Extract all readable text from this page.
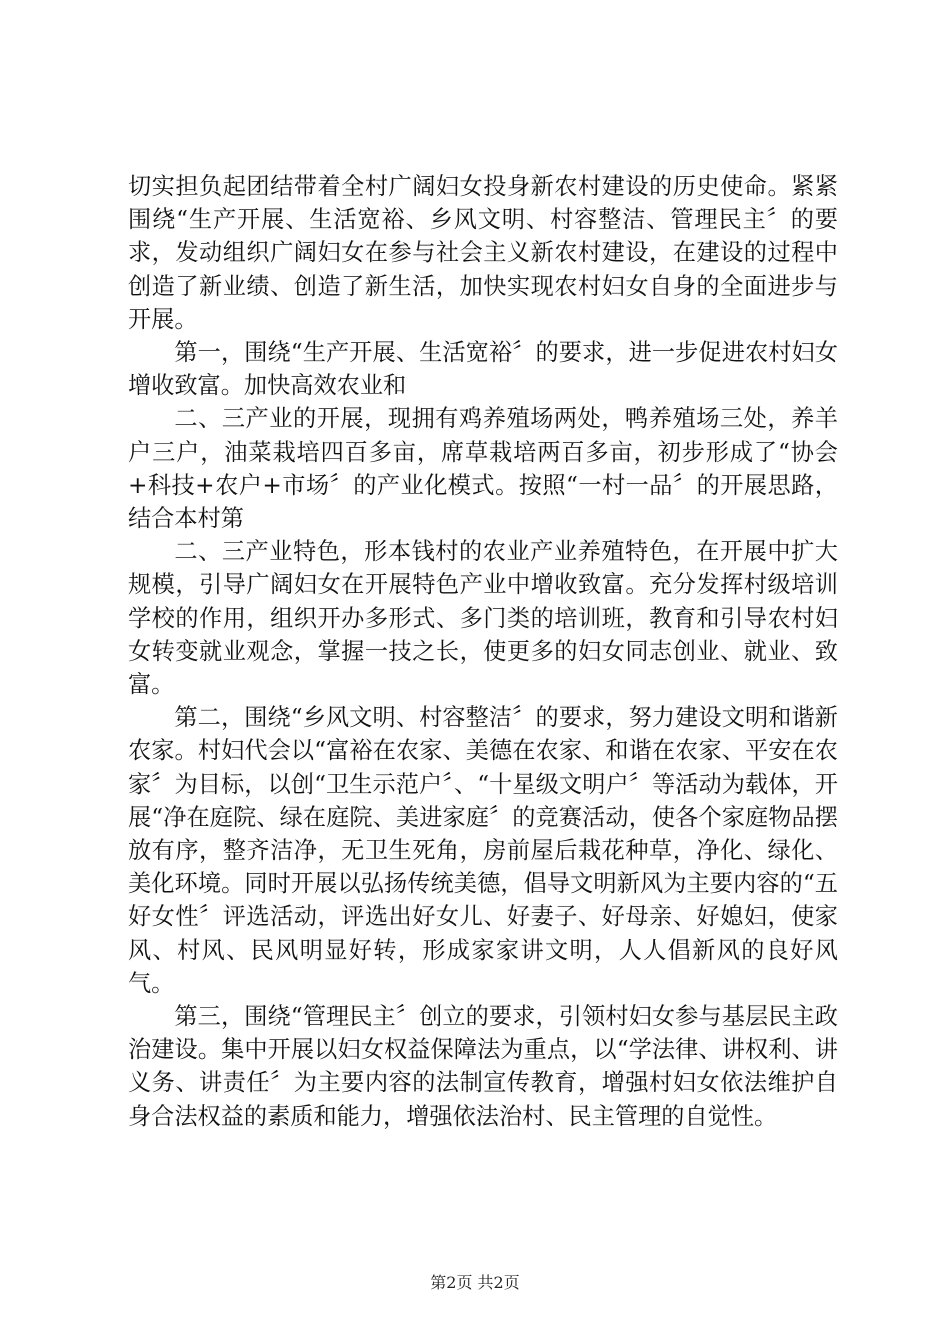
切实担负起团结带着全村广阔妇女投身新农村建设的历史使命。紧紧围绕“生产开展、生活宽裕、乡风文明、村容整洁、管理民主〞的要求，发动组织广阔妇女在参与社会主义新农村建设，在建设的过程中创造了新业绩、创造了新生活，加快实现农村妇女自身的全面进步与开展。

第一，围绕“生产开展、生活宽裕〞的要求，进一步促进农村妇女增收致富。加快高效农业和

二、三产业的开展，现拥有鸡养殖场两处，鸭养殖场三处，养羊户三户，油菜栽培四百多亩，席草栽培两百多亩，初步形成了“协会+科技+农户+市场〞的产业化模式。按照“一村一品〞的开展思路，结合本村第

二、三产业特色，形本钱村的农业产业养殖特色，在开展中扩大规模，引导广阔妇女在开展特色产业中增收致富。充分发挥村级培训学校的作用，组织开办多形式、多门类的培训班，教育和引导农村妇女转变就业观念，掌握一技之长，使更多的妇女同志创业、就业、致富。

第二，围绕“乡风文明、村容整洁〞的要求，努力建设文明和谐新农家。村妇代会以“富裕在农家、美德在农家、和谐在农家、平安在农家〞为目标，以创“卫生示范户〞、“十星级文明户〞等活动为载体，开展“净在庭院、绿在庭院、美进家庭〞的竞赛活动，使各个家庭物品摆放有序，整齐洁净，无卫生死角，房前屋后栽花种草，净化、绿化、美化环境。同时开展以弘扬传统美德，倡导文明新风为主要内容的“五好女性〞评选活动，评选出好女儿、好妻子、好母亲、好媳妇，使家风、村风、民风明显好转，形成家家讲文明，人人倡新风的良好风气。

第三，围绕“管理民主〞创立的要求，引领村妇女参与基层民主政治建设。集中开展以妇女权益保障法为重点，以“学法律、讲权利、讲义务、讲责任〞为主要内容的法制宣传教育，增强村妇女依法维护自身合法权益的素质和能力，增强依法治村、民主管理的自觉性。

第2页 共2页
